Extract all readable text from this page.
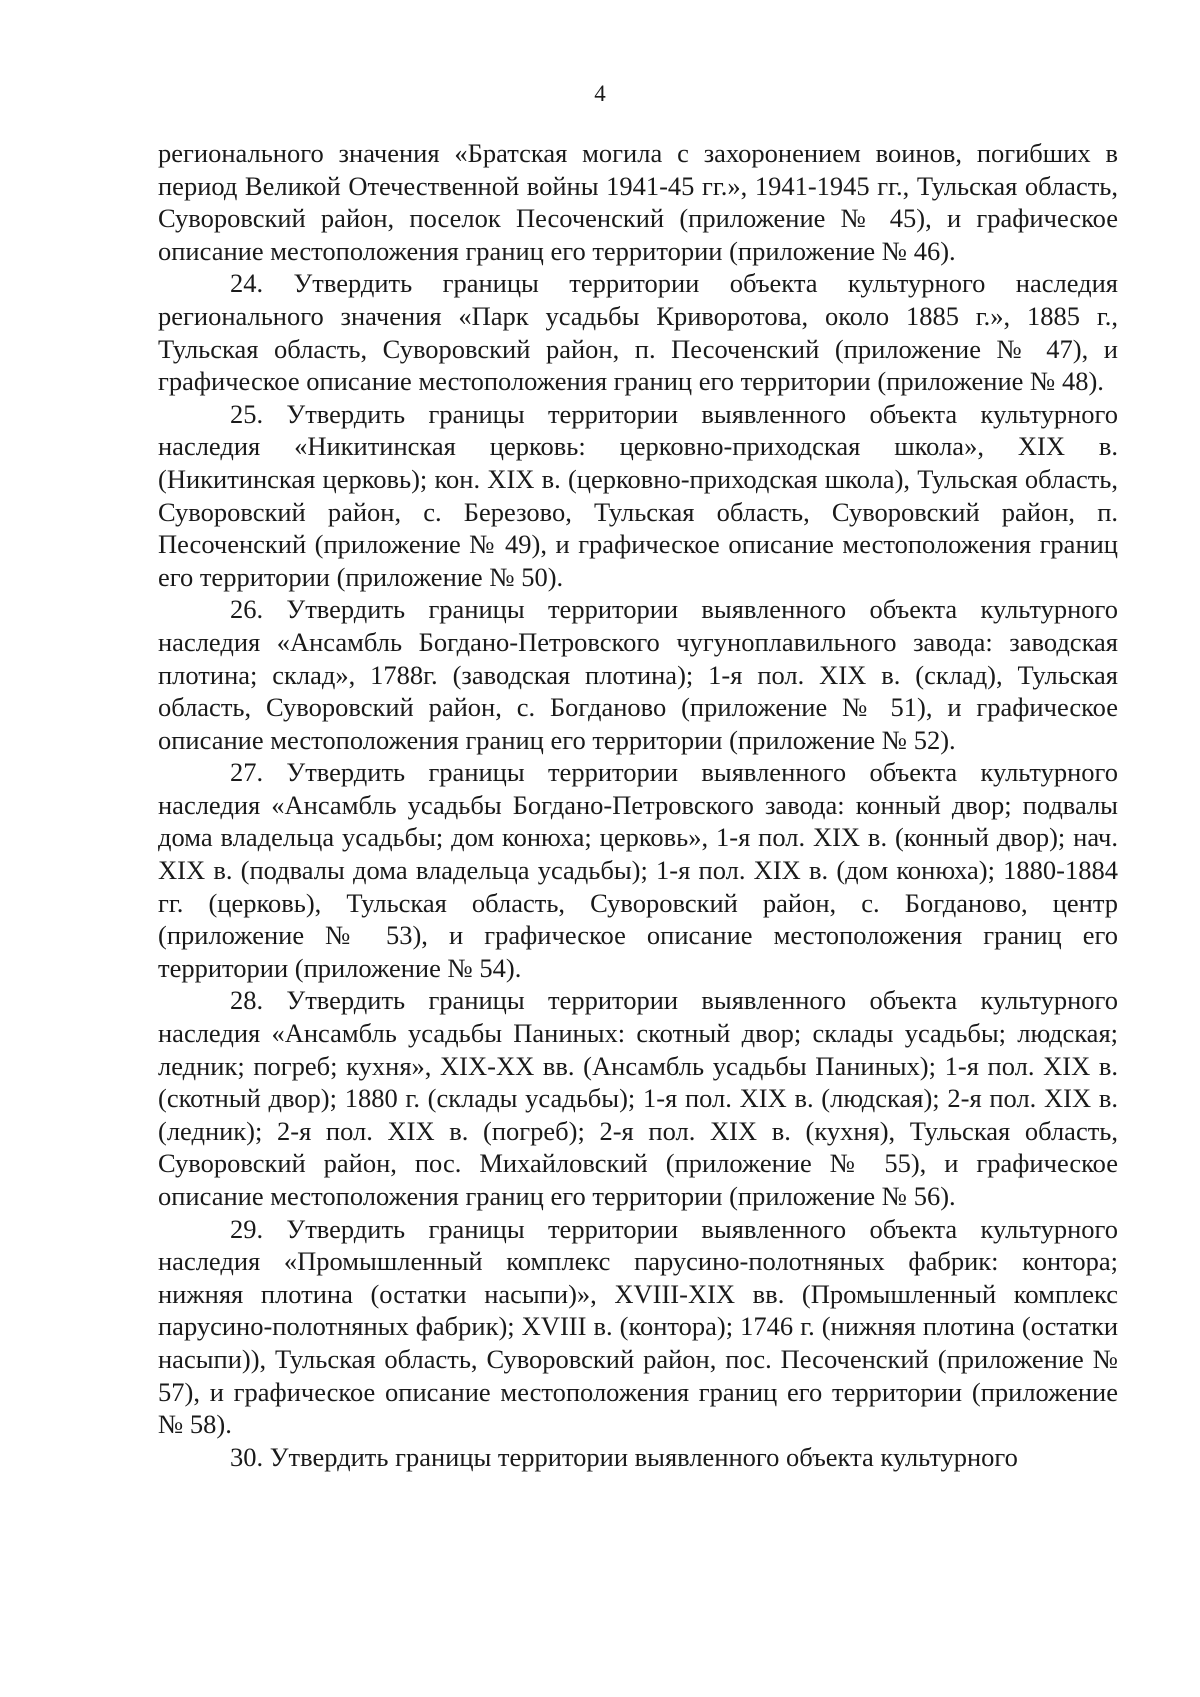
4

регионального значения «Братская могила с захоронением воинов, погибших в период Великой Отечественной войны 1941-45 гг.», 1941-1945 гг., Тульская область, Суворовский район, поселок Песоченский (приложение № 45), и графическое описание местоположения границ его территории (приложение № 46).

24. Утвердить границы территории объекта культурного наследия регионального значения «Парк усадьбы Криворотова, около 1885 г.», 1885 г., Тульская область, Суворовский район, п. Песоченский (приложение № 47), и графическое описание местоположения границ его территории (приложение № 48).

25. Утвердить границы территории выявленного объекта культурного наследия «Никитинская церковь: церковно-приходская школа», XIX в. (Никитинская церковь); кон. XIX в. (церковно-приходская школа), Тульская область, Суворовский район, с. Березово, Тульская область, Суворовский район, п. Песоченский (приложение № 49), и графическое описание местоположения границ его территории (приложение № 50).

26. Утвердить границы территории выявленного объекта культурного наследия «Ансамбль Богдано-Петровского чугуноплавильного завода: заводская плотина; склад», 1788г. (заводская плотина); 1-я пол. XIX в. (склад), Тульская область, Суворовский район, с. Богданово (приложение № 51), и графическое описание местоположения границ его территории (приложение № 52).

27. Утвердить границы территории выявленного объекта культурного наследия «Ансамбль усадьбы Богдано-Петровского завода: конный двор; подвалы дома владельца усадьбы; дом конюха; церковь», 1-я пол. XIX в. (конный двор); нач. XIX в. (подвалы дома владельца усадьбы); 1-я пол. XIX в. (дом конюха); 1880-1884 гг. (церковь), Тульская область, Суворовский район, с. Богданово, центр (приложение № 53), и графическое описание местоположения границ его территории (приложение № 54).

28. Утвердить границы территории выявленного объекта культурного наследия «Ансамбль усадьбы Паниных: скотный двор; склады усадьбы; людская; ледник; погреб; кухня», XIX-XX вв. (Ансамбль усадьбы Паниных); 1-я пол. XIX в. (скотный двор); 1880 г. (склады усадьбы); 1-я пол. XIX в. (людская); 2-я пол. XIX в. (ледник); 2-я пол. XIX в. (погреб); 2-я пол. XIX в. (кухня), Тульская область, Суворовский район, пос. Михайловский (приложение № 55), и графическое описание местоположения границ его территории (приложение № 56).

29. Утвердить границы территории выявленного объекта культурного наследия «Промышленный комплекс парусино-полотняных фабрик: контора; нижняя плотина (остатки насыпи)», XVIII-XIX вв. (Промышленный комплекс парусино-полотняных фабрик); XVIII в. (контора); 1746 г. (нижняя плотина (остатки насыпи)), Тульская область, Суворовский район, пос. Песоченский (приложение № 57), и графическое описание местоположения границ его территории (приложение № 58).

30. Утвердить границы территории выявленного объекта культурного
